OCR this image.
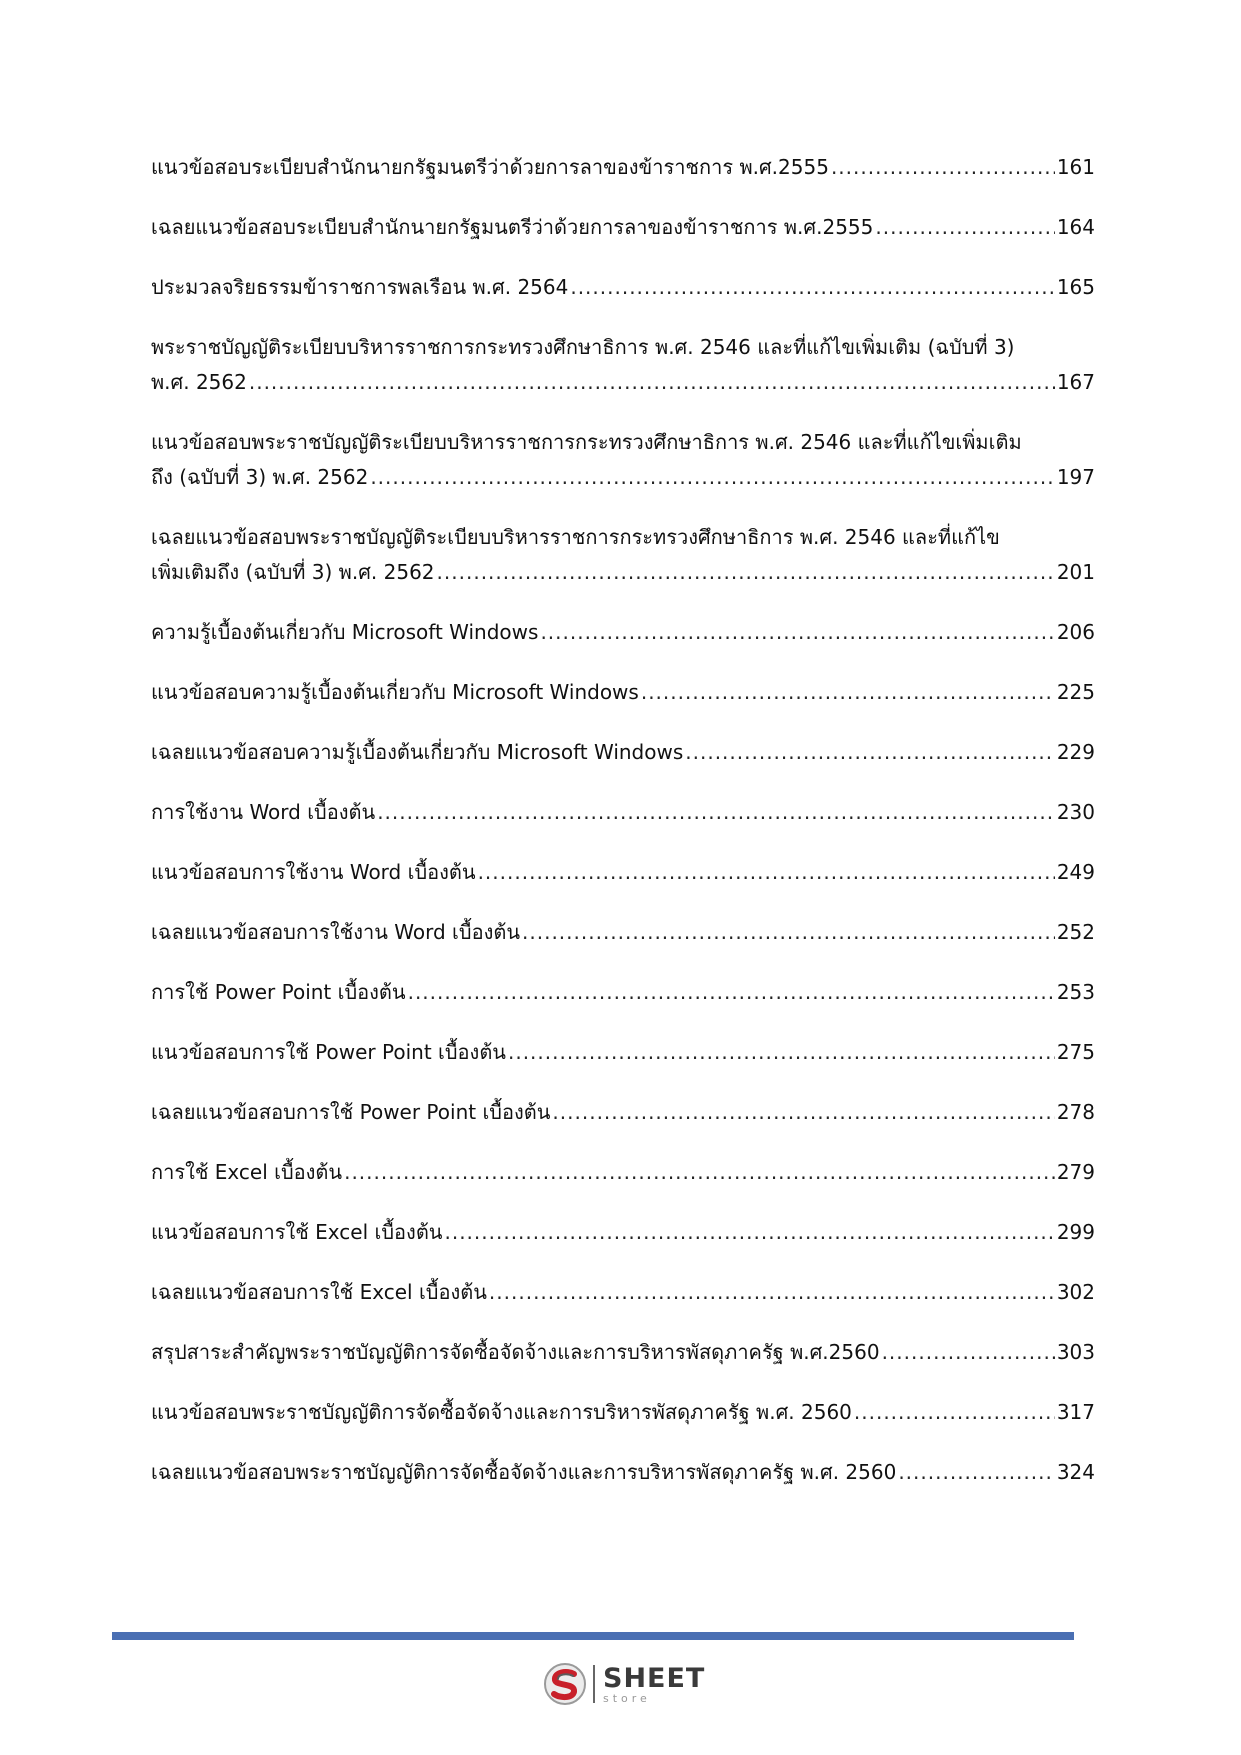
แนวข้อสอบระเบียบสำนักนายกรัฐมนตรีว่าด้วยการลาของข้าราชการ พ.ศ.2555 .....	161
เฉลยแนวข้อสอบระเบียบสำนักนายกรัฐมนตรีว่าด้วยการลาของข้าราชการ พ.ศ.2555 .....	164
ประมวลจริยธรรมข้าราชการพลเรือน พ.ศ. 2564 .....	165
พระราชบัญญัติระเบียบบริหารราชการกระทรวงศึกษาธิการ พ.ศ. 2546 และที่แก้ไขเพิ่มเติม (ฉบับที่ 3)
พ.ศ. 2562 .....	167
แนวข้อสอบพระราชบัญญัติระเบียบบริหารราชการกระทรวงศึกษาธิการ พ.ศ. 2546 และที่แก้ไขเพิ่มเติม
ถึง (ฉบับที่ 3) พ.ศ. 2562 .....	197
เฉลยแนวข้อสอบพระราชบัญญัติระเบียบบริหารราชการกระทรวงศึกษาธิการ พ.ศ. 2546 และที่แก้ไข
เพิ่มเติมถึง (ฉบับที่ 3) พ.ศ. 2562 .....	201
ความรู้เบื้องต้นเกี่ยวกับ Microsoft Windows .....	206
แนวข้อสอบความรู้เบื้องต้นเกี่ยวกับ Microsoft Windows .....	225
เฉลยแนวข้อสอบความรู้เบื้องต้นเกี่ยวกับ Microsoft Windows .....	229
การใช้งาน Word เบื้องต้น .....	230
แนวข้อสอบการใช้งาน Word เบื้องต้น .....	249
เฉลยแนวข้อสอบการใช้งาน Word เบื้องต้น .....	252
การใช้ Power Point เบื้องต้น .....	253
แนวข้อสอบการใช้ Power Point เบื้องต้น .....	275
เฉลยแนวข้อสอบการใช้ Power Point เบื้องต้น .....	278
การใช้ Excel เบื้องต้น .....	279
แนวข้อสอบการใช้ Excel เบื้องต้น .....	299
เฉลยแนวข้อสอบการใช้ Excel เบื้องต้น .....	302
สรุปสาระสำคัญพระราชบัญญัติการจัดซื้อจัดจ้างและการบริหารพัสดุภาครัฐ พ.ศ.2560 .....	303
แนวข้อสอบพระราชบัญญัติการจัดซื้อจัดจ้างและการบริหารพัสดุภาครัฐ พ.ศ. 2560 .....	317
เฉลยแนวข้อสอบพระราชบัญญัติการจัดซื้อจัดจ้างและการบริหารพัสดุภาครัฐ พ.ศ. 2560 .....	324
SHEET
store
